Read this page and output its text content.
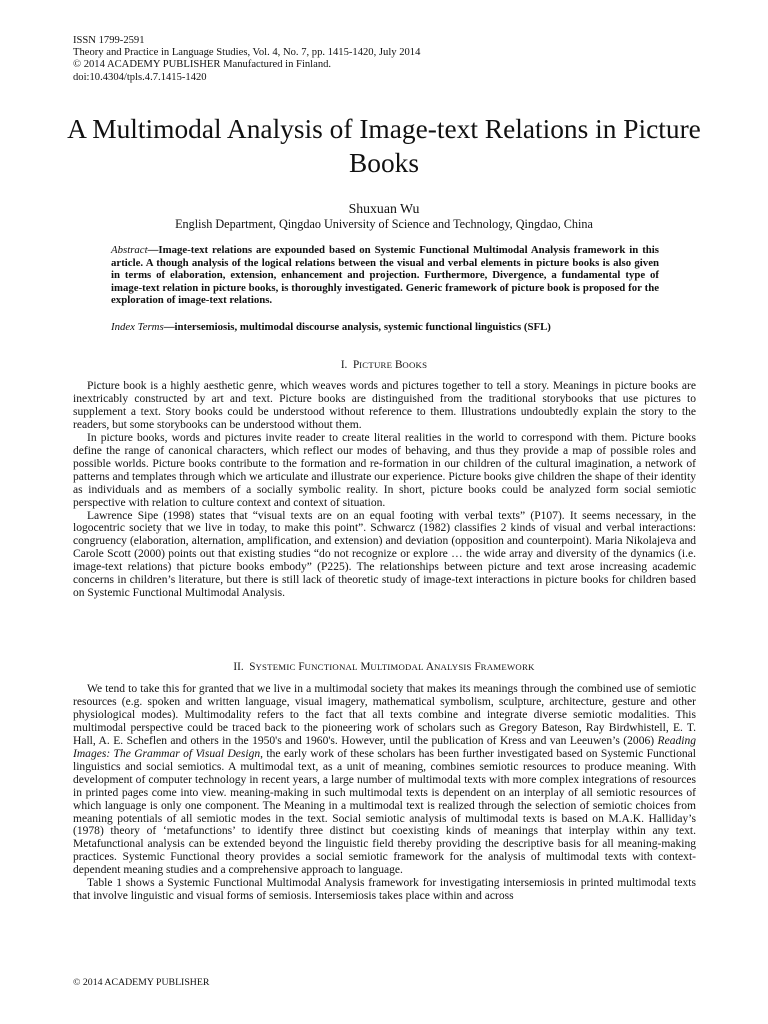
ISSN 1799-2591
Theory and Practice in Language Studies, Vol. 4, No. 7, pp. 1415-1420, July 2014
© 2014 ACADEMY PUBLISHER Manufactured in Finland.
doi:10.4304/tpls.4.7.1415-1420
A Multimodal Analysis of Image-text Relations in Picture Books
Shuxuan Wu
English Department, Qingdao University of Science and Technology, Qingdao, China

Abstract—Image-text relations are expounded based on Systemic Functional Multimodal Analysis framework in this article. A though analysis of the logical relations between the visual and verbal elements in picture books is also given in terms of elaboration, extension, enhancement and projection. Furthermore, Divergence, a fundamental type of image-text relation in picture books, is thoroughly investigated. Generic framework of picture book is proposed for the exploration of image-text relations.

Index Terms—intersemiosis, multimodal discourse analysis, systemic functional linguistics (SFL)

I. PICTURE BOOKS

Picture book is a highly aesthetic genre, which weaves words and pictures together to tell a story. Meanings in picture books are inextricably constructed by art and text. Picture books are distinguished from the traditional storybooks that use pictures to supplement a text. Story books could be understood without reference to them. Illustrations undoubtedly explain the story to the readers, but some storybooks can be understood without them.

In picture books, words and pictures invite reader to create literal realities in the world to correspond with them. Picture books define the range of canonical characters, which reflect our modes of behaving, and thus they provide a map of possible roles and possible worlds. Picture books contribute to the formation and re-formation in our children of the cultural imagination, a network of patterns and templates through which we articulate and illustrate our experience. Picture books give children the shape of their identity as individuals and as members of a socially symbolic reality. In short, picture books could be analyzed form social semiotic perspective with relation to culture context and context of situation.

Lawrence Sipe (1998) states that “visual texts are on an equal footing with verbal texts” (P107). It seems necessary, in the logocentric society that we live in today, to make this point”. Schwarcz (1982) classifies 2 kinds of visual and verbal interactions: congruency (elaboration, alternation, amplification, and extension) and deviation (opposition and counterpoint). Maria Nikolajeva and Carole Scott (2000) points out that existing studies “do not recognize or explore … the wide array and diversity of the dynamics (i.e. image-text relations) that picture books embody” (P225). The relationships between picture and text arose increasing academic concerns in children’s literature, but there is still lack of theoretic study of image-text interactions in picture books for children based on Systemic Functional Multimodal Analysis.

II. SYSTEMIC FUNCTIONAL MULTIMODAL ANALYSIS FRAMEWORK

We tend to take this for granted that we live in a multimodal society that makes its meanings through the combined use of semiotic resources (e.g. spoken and written language, visual imagery, mathematical symbolism, sculpture, architecture, gesture and other physiological modes). Multimodality refers to the fact that all texts combine and integrate diverse semiotic modalities. This multimodal perspective could be traced back to the pioneering work of scholars such as Gregory Bateson, Ray Birdwhistell, E. T. Hall, A. E. Scheflen and others in the 1950's and 1960's. However, until the publication of Kress and van Leeuwen’s (2006) Reading Images: The Grammar of Visual Design, the early work of these scholars has been further investigated based on Systemic Functional linguistics and social semiotics. A multimodal text, as a unit of meaning, combines semiotic resources to produce meaning. With development of computer technology in recent years, a large number of multimodal texts with more complex integrations of resources in printed pages come into view. meaning-making in such multimodal texts is dependent on an interplay of all semiotic resources of which language is only one component. The Meaning in a multimodal text is realized through the selection of semiotic choices from meaning potentials of all semiotic modes in the text. Social semiotic analysis of multimodal texts is based on M.A.K. Halliday’s (1978) theory of ‘metafunctions’ to identify three distinct but coexisting kinds of meanings that interplay within any text. Metafunctional analysis can be extended beyond the linguistic field thereby providing the descriptive basis for all meaning-making practices. Systemic Functional theory provides a social semiotic framework for the analysis of multimodal texts with context-dependent meaning studies and a comprehensive approach to language.

Table 1 shows a Systemic Functional Multimodal Analysis framework for investigating intersemiosis in printed multimodal texts that involve linguistic and visual forms of semiosis. Intersemiosis takes place within and across

© 2014 ACADEMY PUBLISHER
